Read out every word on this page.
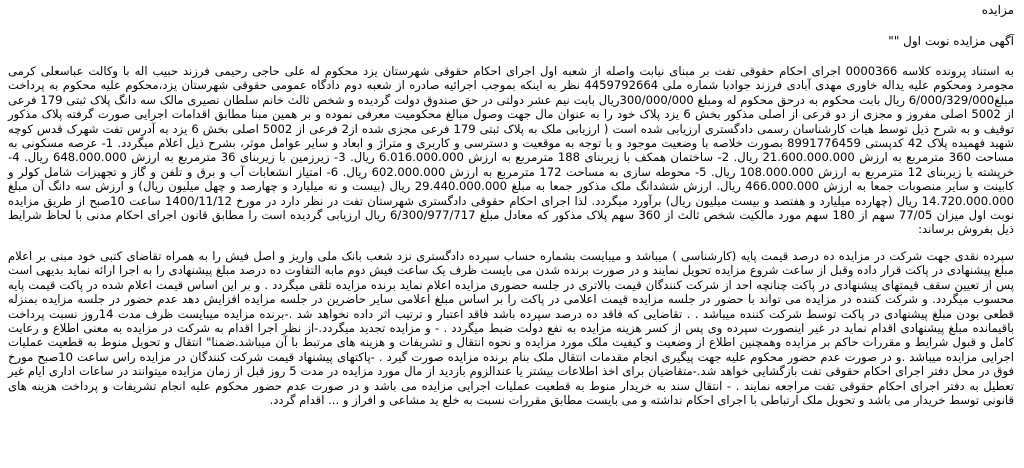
مزایده
آگهی مزایده نوبت اول ""

به استناد پرونده کلاسه 0000366 اجرای احکام حقوقی تفت بر مبنای نیابت واصله از شعبه اول اجرای احکام حقوقی شهرستان یزد محکوم له علی حاجی رحیمی فرزند حبیب اله با وکالت عباسعلی کرمی مجومرد ومحکوم علیه یداله خاوری مهدی آبادی فرزند جوادبا شماره ملی 4459792664 نظر به اینکه بموجب اجرائیه صادره از شعبه دوم دادگاه عمومی حقوقی شهرستان یزد،محکوم علیه محکوم به پرداخت مبلغ6/000/329/000 ریال بابت محکوم به درحق محکوم له ومبلغ 300/000/000ریال بابت نیم عشر دولتی در حق صندوق دولت گردیده و شخص ثالث خانم سلطان نصیری مالک سه دانگ پلاک ثبتی 179 فرعی از 5002 اصلی مفروز و مجزی از دو فرعی از اصلی مذکور بخش 6 یزد پلاک خود را به عنوان مال جهت وصول مبالغ محکومیت معرفی نموده و بر همین مبنا مطابق اقدامات اجرایی صورت گرفته پلاک مذکور توقیف و به شرح ذیل توسط هیات کارشناسان رسمی دادگستری ارزیابی شده است ( ارزیابی ملک به پلاک ثبتی 179 فرعی مجزی شده از2 فرعی از 5002 اصلی بخش 6 یزد به آدرس تفت شهرک قدس کوچه شهید فهمیده پلاک 42 کدپستی 8991776459 بصورت خلاصه با وضعیت موجود و با توجه به موقعیت و دسترسی و کاربری و متراژ و ابعاد و سایر عوامل موثر، بشرح ذیل اعلام میگردد. 1- عرصه مسکونی به مساحت 360 مترمربع به ارزش 21.600.000.000 ریال. 2- ساختمان همکف با زیربنای 188 مترمربع به ارزش 6.016.000.000 ریال. 3- زیرزمین با زیربنای 36 مترمربع به ارزش 648.000.000 ریال. 4- خرپشته با زیربنای 12 مترمربع به ارزش 108.000.000 ریال. 5- محوطه سازی به مساحت 172 مترمربع به ارزش 602.000.000 ریال. 6- امتیاز انشعابات آب و برق و تلفن و گاز و تجهیزات شامل کولر و کابینت و سایر منصوبات جمعا به ارزش 466.000.000 ریال. ارزش ششدانگ ملک مذکور جمعا به مبلغ 29.440.000.000 ریال (بیست و نه میلیارد و چهارصد و چهل میلیون ریال) و ارزش سه دانگ آن مبلغ 14.720.000.000 ریال (چهارده میلیارد و هفتصد و بیست میلیون ریال) برآورد میگردد. لذا اجرای احکام حقوقی دادگستری شهرستان تفت در نظر دارد در مورخ 1400/11/12 ساعت 10صبح از طریق مزایده نوبت اول میزان 77/05 سهم از 180 سهم مورد مالکیت شخص ثالث از 360 سهم پلاک مذکور که معادل مبلغ 6/300/977/717 ریال ارزیابی گردیده است را مطابق قانون اجرای احکام مدنی با لحاظ شرایط ذیل بفروش برساند:

سپرده نقدی جهت شرکت در مزایده ده درصد قیمت پایه (کارشناسی ) میباشد و میبایست بشماره حساب سپرده دادگستری نزد شعب بانک ملی واریز و اصل فیش را به همراه تقاضای کتبی خود مبنی بر اعلام مبلغ پیشنهادی در پاکت قرار داده وقبل از ساعت شروع مزایده تحویل نمایند و در صورت برنده شدن می بایست ظرف یک ساعت فیش دوم مابه التفاوت ده درصد مبلغ پیشنهادی را به اجرا ارائه نماید بدیهی است پس از تعیین سقف قیمتهای پیشنهادی در پاکت چنانچه احد از شرکت کنندگان قیمت بالاتری در جلسه حضوری مزایده اعلام نماید برنده مزایده تلقی میگردد . و بر این اساس قیمت اعلام شده در پاکت قیمت پایه محسوب میگردد. و شرکت کننده در مزایده می تواند با حضور در جلسه مزایده قیمت اعلامی در پاکت را بر اساس مبلغ اعلامی سایر حاضرین در جلسه مزایده افزایش دهد عدم حضور در جلسه مزایده بمنزله قطعی بودن مبلغ پیشنهادی در پاکت توسط شرکت کننده میباشد . . تقاضایی که فاقد ده درصد سپرده باشد فاقد اعتبار و ترتیب اثر داده نخواهد شد .-برنده مزایده میبایست ظرف مدت 14روز نسبت پرداخت باقیمانده مبلغ پیشنهادی اقدام نماید در غیر اینصورت سپرده وی پس از کسر هزینه مزایده به نفع دولت ضبط میگردد . - و مزایده تجدید میگردد.-از نظر اجرا اقدام به شرکت در مزایده به معنی اطلاع و رعایت کامل و قبول شرایط و مقررات حاکم بر مزایده وهمچنین اطلاع از وضعیت و کیفیت ملک مورد مزایده و نحوه انتقال و تشریفات و هزینه های مرتبط با آن میباشد.ضمنا" انتقال و تحویل منوط به قطعیت عملیات اجرایی مزایده میباشد .و در صورت عدم حضور محکوم علیه جهت پیگیری انجام مقدمات انتقال ملک بنام برنده مزایده صورت گیرد . -پاکتهای پیشنهاد قیمت شرکت کنندگان در مزایده راس ساعت 10صبح مورخ فوق در محل دفتر اجرای احکام حقوقی تفت بازگشایی خواهد شد.-متقاضیان برای اخذ اطلاعات بیشتر یا عندالزوم بازدید از مال مورد مزایده در مدت 5 روز قبل از زمان مزایده میتوانند در ساعات اداری ایام غیر تعطیل به دفتر اجرای احکام حقوقی تفت مراجعه نمایند . - انتقال سند به خریدار منوط به قطعیت عملیات اجرایی مزایده می باشد و در صورت عدم حضور محکوم علیه انجام تشریفات و پرداخت هزینه های قانونی توسط خریدار می باشد و تحویل ملک ارتباطی با اجرای احکام نداشته و می بایست مطابق مقررات نسبت به خلع ید مشاعی و افراز و ... اقدام گردد.
